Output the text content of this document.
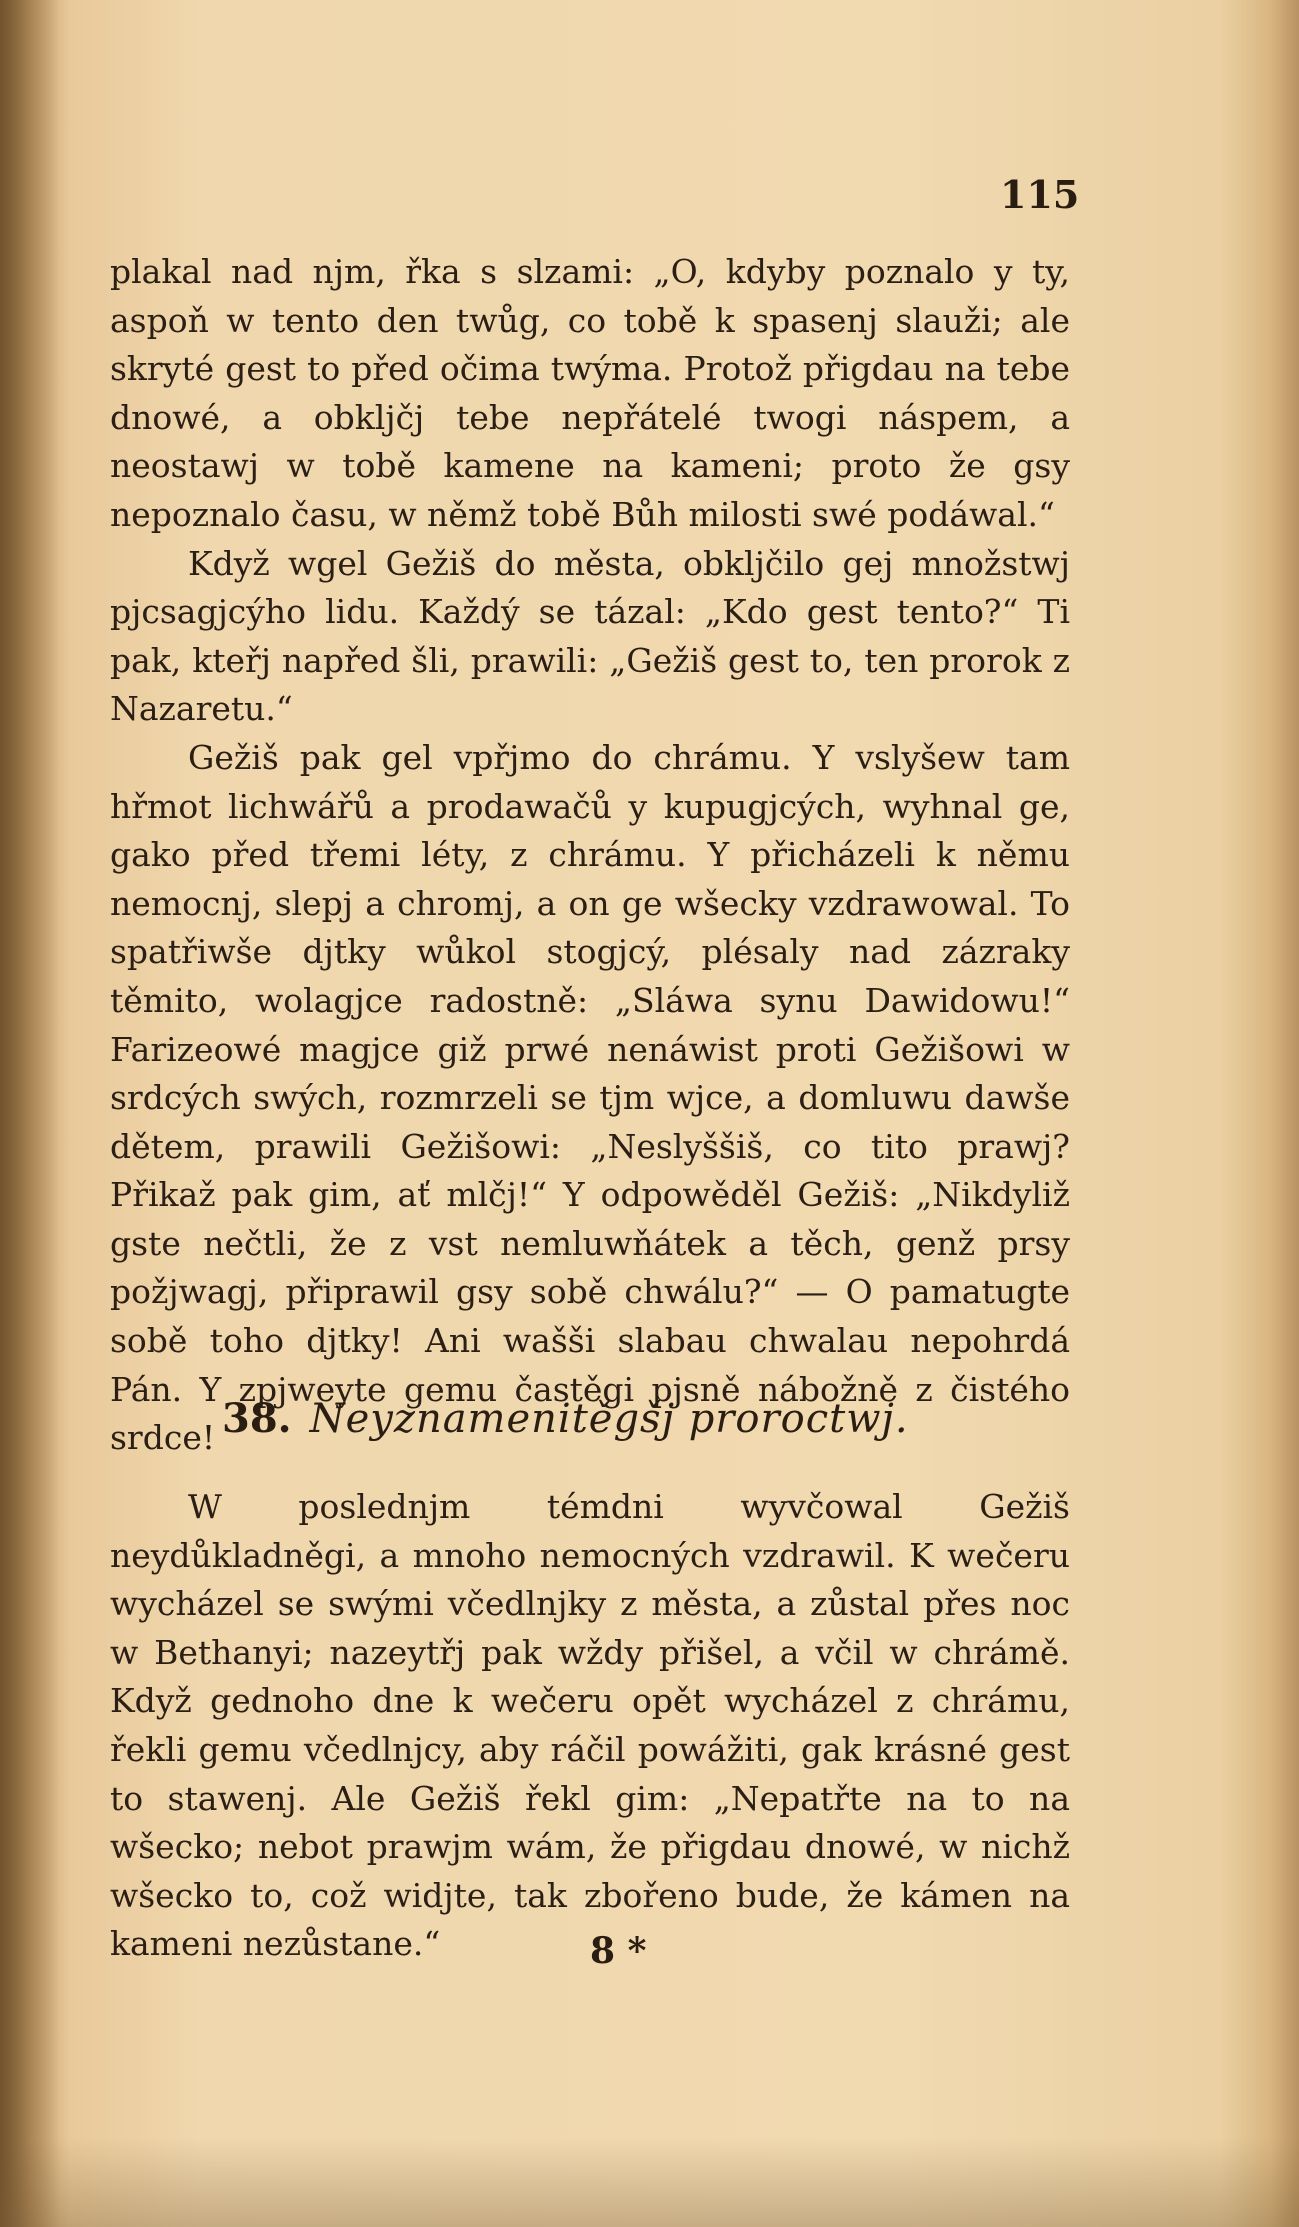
115

plakal nad njm, řka s slzami: „O, kdyby poznalo y ty, aspoň w tento den twůg, co tobě k spasenj slauži; ale skryté gest to před očima twýma. Protož přigdau na tebe dnowé, a obkljčj tebe nepřátelé twogi náspem, a neostawj w tobě kamene na kameni; proto že gsy nepoznalo času, w němž tobě Bůh milosti swé podáwal.“

Když wgel Gežiš do města, obkljčilo gej množstwj pjcsagjcýho lidu. Každý se tázal: „Kdo gest tento?“ Ti pak, kteřj napřed šli, prawili: „Gežiš gest to, ten prorok z Nazaretu.“

Gežiš pak gel vpřjmo do chrámu. Y vslyšew tam hřmot lichwářů a prodawačů y kupugjcých, wyhnal ge, gako před třemi léty, z chrámu. Y přicházeli k němu nemocnj, slepj a chromj, a on ge wšecky vzdrawowal. To spatřiwše djtky wůkol stogjcý, plésaly nad zázraky těmito, wolagjce radostně: „Sláwa synu Dawidowu!“ Farizeowé magjce giž prwé nenáwist proti Gežišowi w srdcých swých, rozmrzeli se tjm wjce, a domluwu dawše dětem, prawili Gežišowi: „Neslyššiš, co tito prawj? Přikaž pak gim, ať mlčj!“ Y odpowěděl Gežiš: „Nikdyliž gste nečtli, že z vst nemluwňátek a těch, genž prsy požjwagj, připrawil gsy sobě chwálu?“ — O pamatugte sobě toho djtky! Ani wašši slabau chwalau nepohrdá Pán. Y zpjweyte gemu častěgi pjsně nábožně z čistého srdce! 38. Neyznamenitěgšj proroctwj.

W poslednjm témdni wyvčowal Gežiš neydůkladněgi, a mnoho nemocných vzdrawil. K wečeru wycházel se swými včedlnjky z města, a zůstal přes noc w Bethanyi; nazeytřj pak wždy přišel, a včil w chrámě. Když gednoho dne k wečeru opět wycházel z chrámu, řekli gemu včedlnjcy, aby ráčil powážiti, gak krásné gest to stawenj. Ale Gežiš řekl gim: „Nepatřte na to na wšecko; nebot prawjm wám, že přigdau dnowé, w nichž wšecko to, což widjte, tak zbořeno bude, že kámen na kameni nezůstane.“	8 *
